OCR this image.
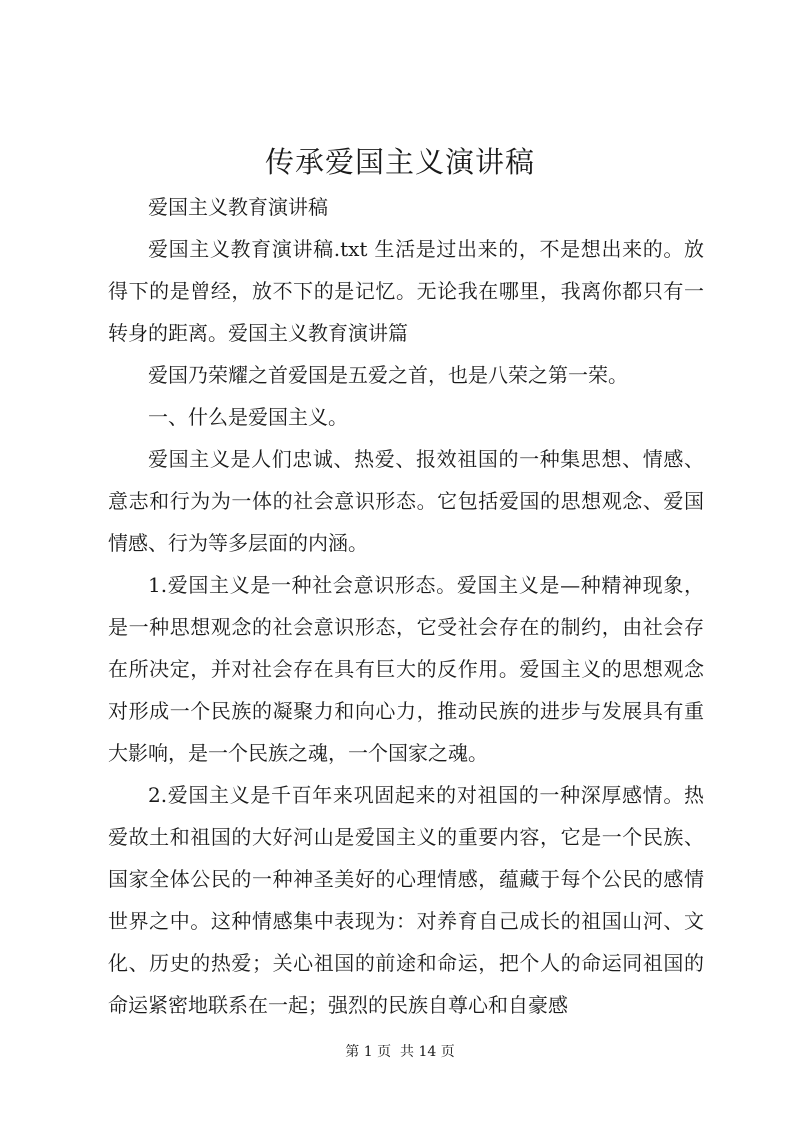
传承爱国主义演讲稿

爱国主义教育演讲稿

爱国主义教育演讲稿.txt 生活是过出来的，不是想出来的。放得下的是曾经，放不下的是记忆。无论我在哪里，我离你都只有一转身的距离。爱国主义教育演讲篇

爱国乃荣耀之首爱国是五爱之首，也是八荣之第一荣。

一、什么是爱国主义。

爱国主义是人们忠诚、热爱、报效祖国的一种集思想、情感、意志和行为为一体的社会意识形态。它包括爱国的思想观念、爱国情感、行为等多层面的内涵。

1.爱国主义是一种社会意识形态。爱国主义是—种精神现象，是一种思想观念的社会意识形态，它受社会存在的制约，由社会存在所决定，并对社会存在具有巨大的反作用。爱国主义的思想观念对形成一个民族的凝聚力和向心力，推动民族的进步与发展具有重大影响，是一个民族之魂，一个国家之魂。

2.爱国主义是千百年来巩固起来的对祖国的一种深厚感情。热爱故土和祖国的大好河山是爱国主义的重要内容，它是一个民族、国家全体公民的一种神圣美好的心理情感，蕴藏于每个公民的感情世界之中。这种情感集中表现为：对养育自己成长的祖国山河、文化、历史的热爱；关心祖国的前途和命运，把个人的命运同祖国的命运紧密地联系在一起；强烈的民族自尊心和自豪感

第 1 页  共 14 页
